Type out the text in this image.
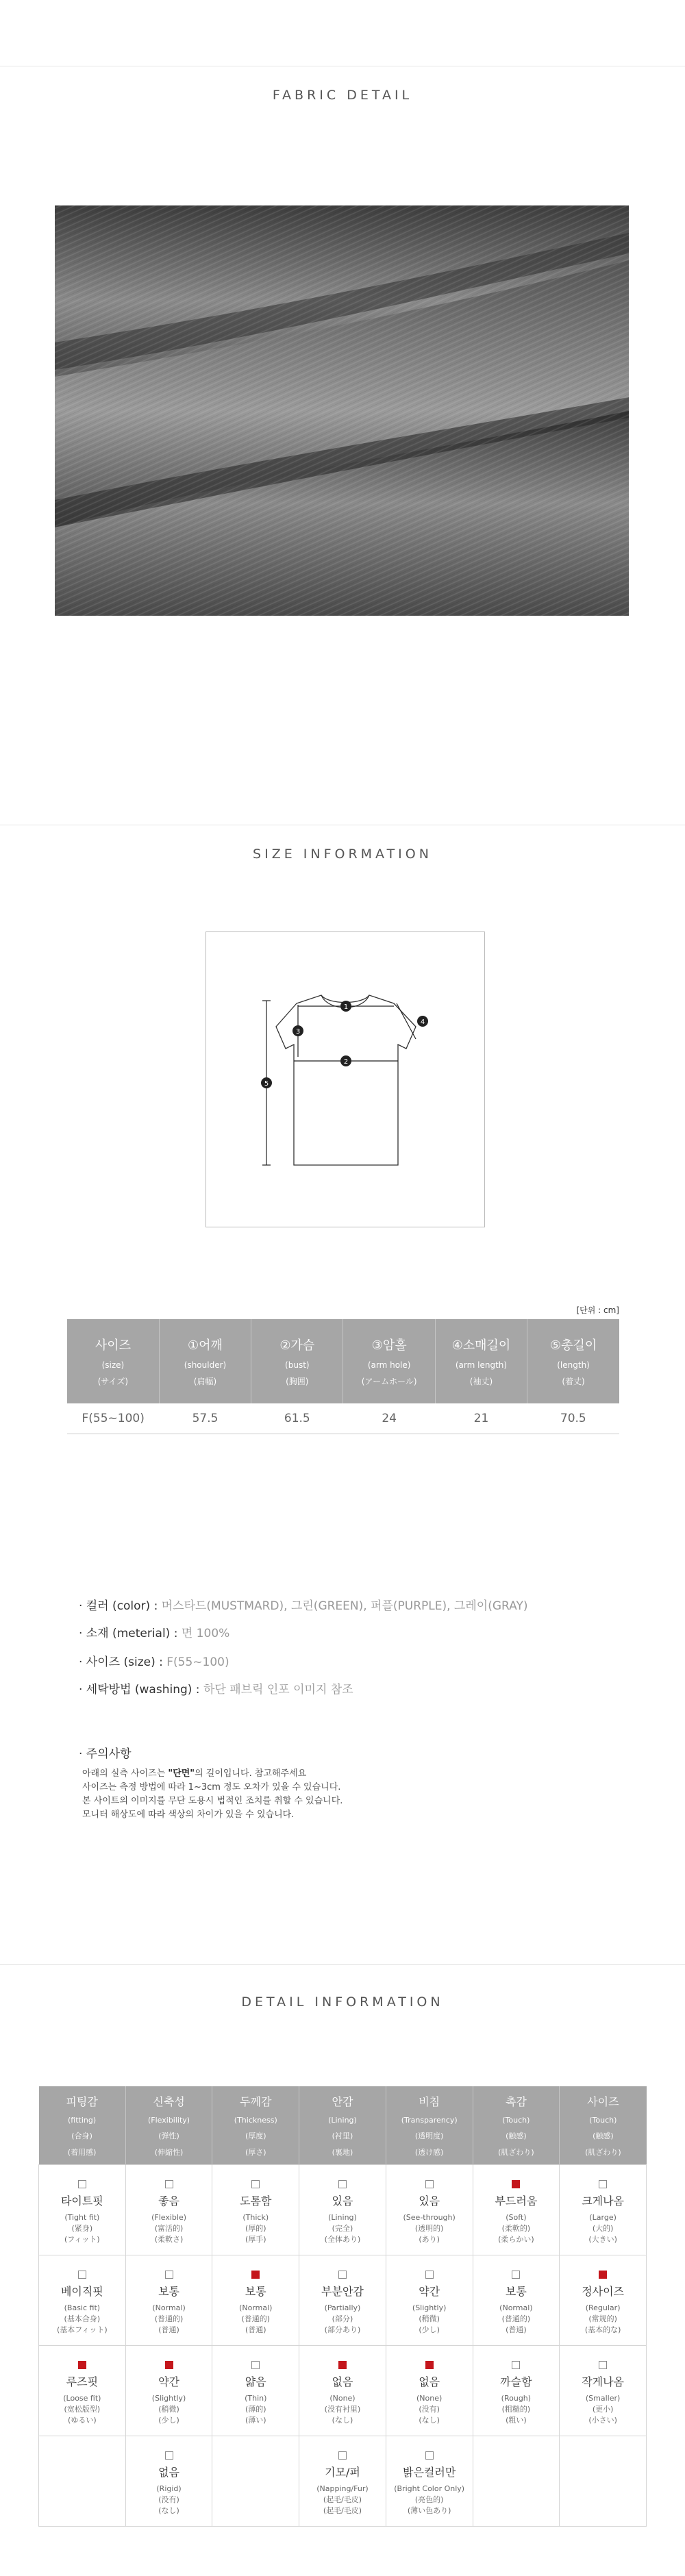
FABRIC DETAIL
SIZE INFORMATION
1
2
3
4
5
[단위 : cm]
사이즈
(size)
(サイズ)	①어깨
(shoulder)
(肩幅)	②가슴
(bust)
(胸囲)	③암홀
(arm hole)
(アームホール)	④소매길이
(arm length)
(袖丈)	⑤총길이
(length)
(着丈)

F(55~100)	57.5	61.5	24	21	70.5
· 컬러 (color) : 머스타드(MUSTMARD), 그린(GREEN), 퍼플(PURPLE), 그레이(GRAY)
· 소재 (meterial) : 면 100%
· 사이즈 (size) : F(55~100)
· 세탁방법 (washing) : 하단 패브릭 인포 이미지 참조
· 주의사항
아래의 실측 사이즈는 "단면"의 길이입니다. 참고해주세요
사이즈는 측정 방법에 따라 1~3cm 정도 오차가 있을 수 있습니다.
본 사이트의 이미지를 무단 도용시 법적인 조치를 취할 수 있습니다.
모니터 해상도에 따라 색상의 차이가 있을 수 있습니다.
DETAIL INFORMATION
피팅감
(fitting)
(合身)
(着用感)	신축성
(Flexibility)
(弹性)
(伸縮性)	두께감
(Thickness)
(厚度)
(厚さ)	안감
(Lining)
(衬里)
(裏地)	비침
(Transparency)
(透明度)
(透け感)	촉감
(Touch)
(触感)
(肌ざわり)	사이즈
(Touch)
(触感)
(肌ざわり)

타이트핏
(Tight fit)
(紧身)
(フィット)	좋음
(Flexible)
(富活的)
(柔軟さ)	도톰함
(Thick)
(厚的)
(厚手)	있음
(Lining)
(完全)
(全体あり)	있음
(See-through)
(透明的)
(あり)	부드러움
(Soft)
(柔軟的)
(柔らかい)	크게나옴
(Large)
(大的)
(大きい)

베이직핏
(Basic fit)
(基本合身)
(基本フィット)	보통
(Normal)
(普通的)
(普通)	보통
(Normal)
(普通的)
(普通)	부분안감
(Partially)
(部分)
(部分あり)	약간
(Slightly)
(稍微)
(少し)	보통
(Normal)
(普通的)
(普通)	정사이즈
(Regular)
(常规的)
(基本的な)

루즈핏
(Loose fit)
(宽松版型)
(ゆるい)	약간
(Slightly)
(稍微)
(少し)	얇음
(Thin)
(薄的)
(薄い)	없음
(None)
(没有衬里)
(なし)	없음
(None)
(没有)
(なし)	까슬함
(Rough)
(粗糙的)
(粗い)	작게나옴
(Smaller)
(更小)
(小さい)

	없음
(Rigid)
(没有)
(なし)		기모/퍼
(Napping/Fur)
(起毛/毛皮)
(起毛/毛皮)	밝은컬러만
(Bright Color Only)
(亮色的)
(薄い色あり)		
